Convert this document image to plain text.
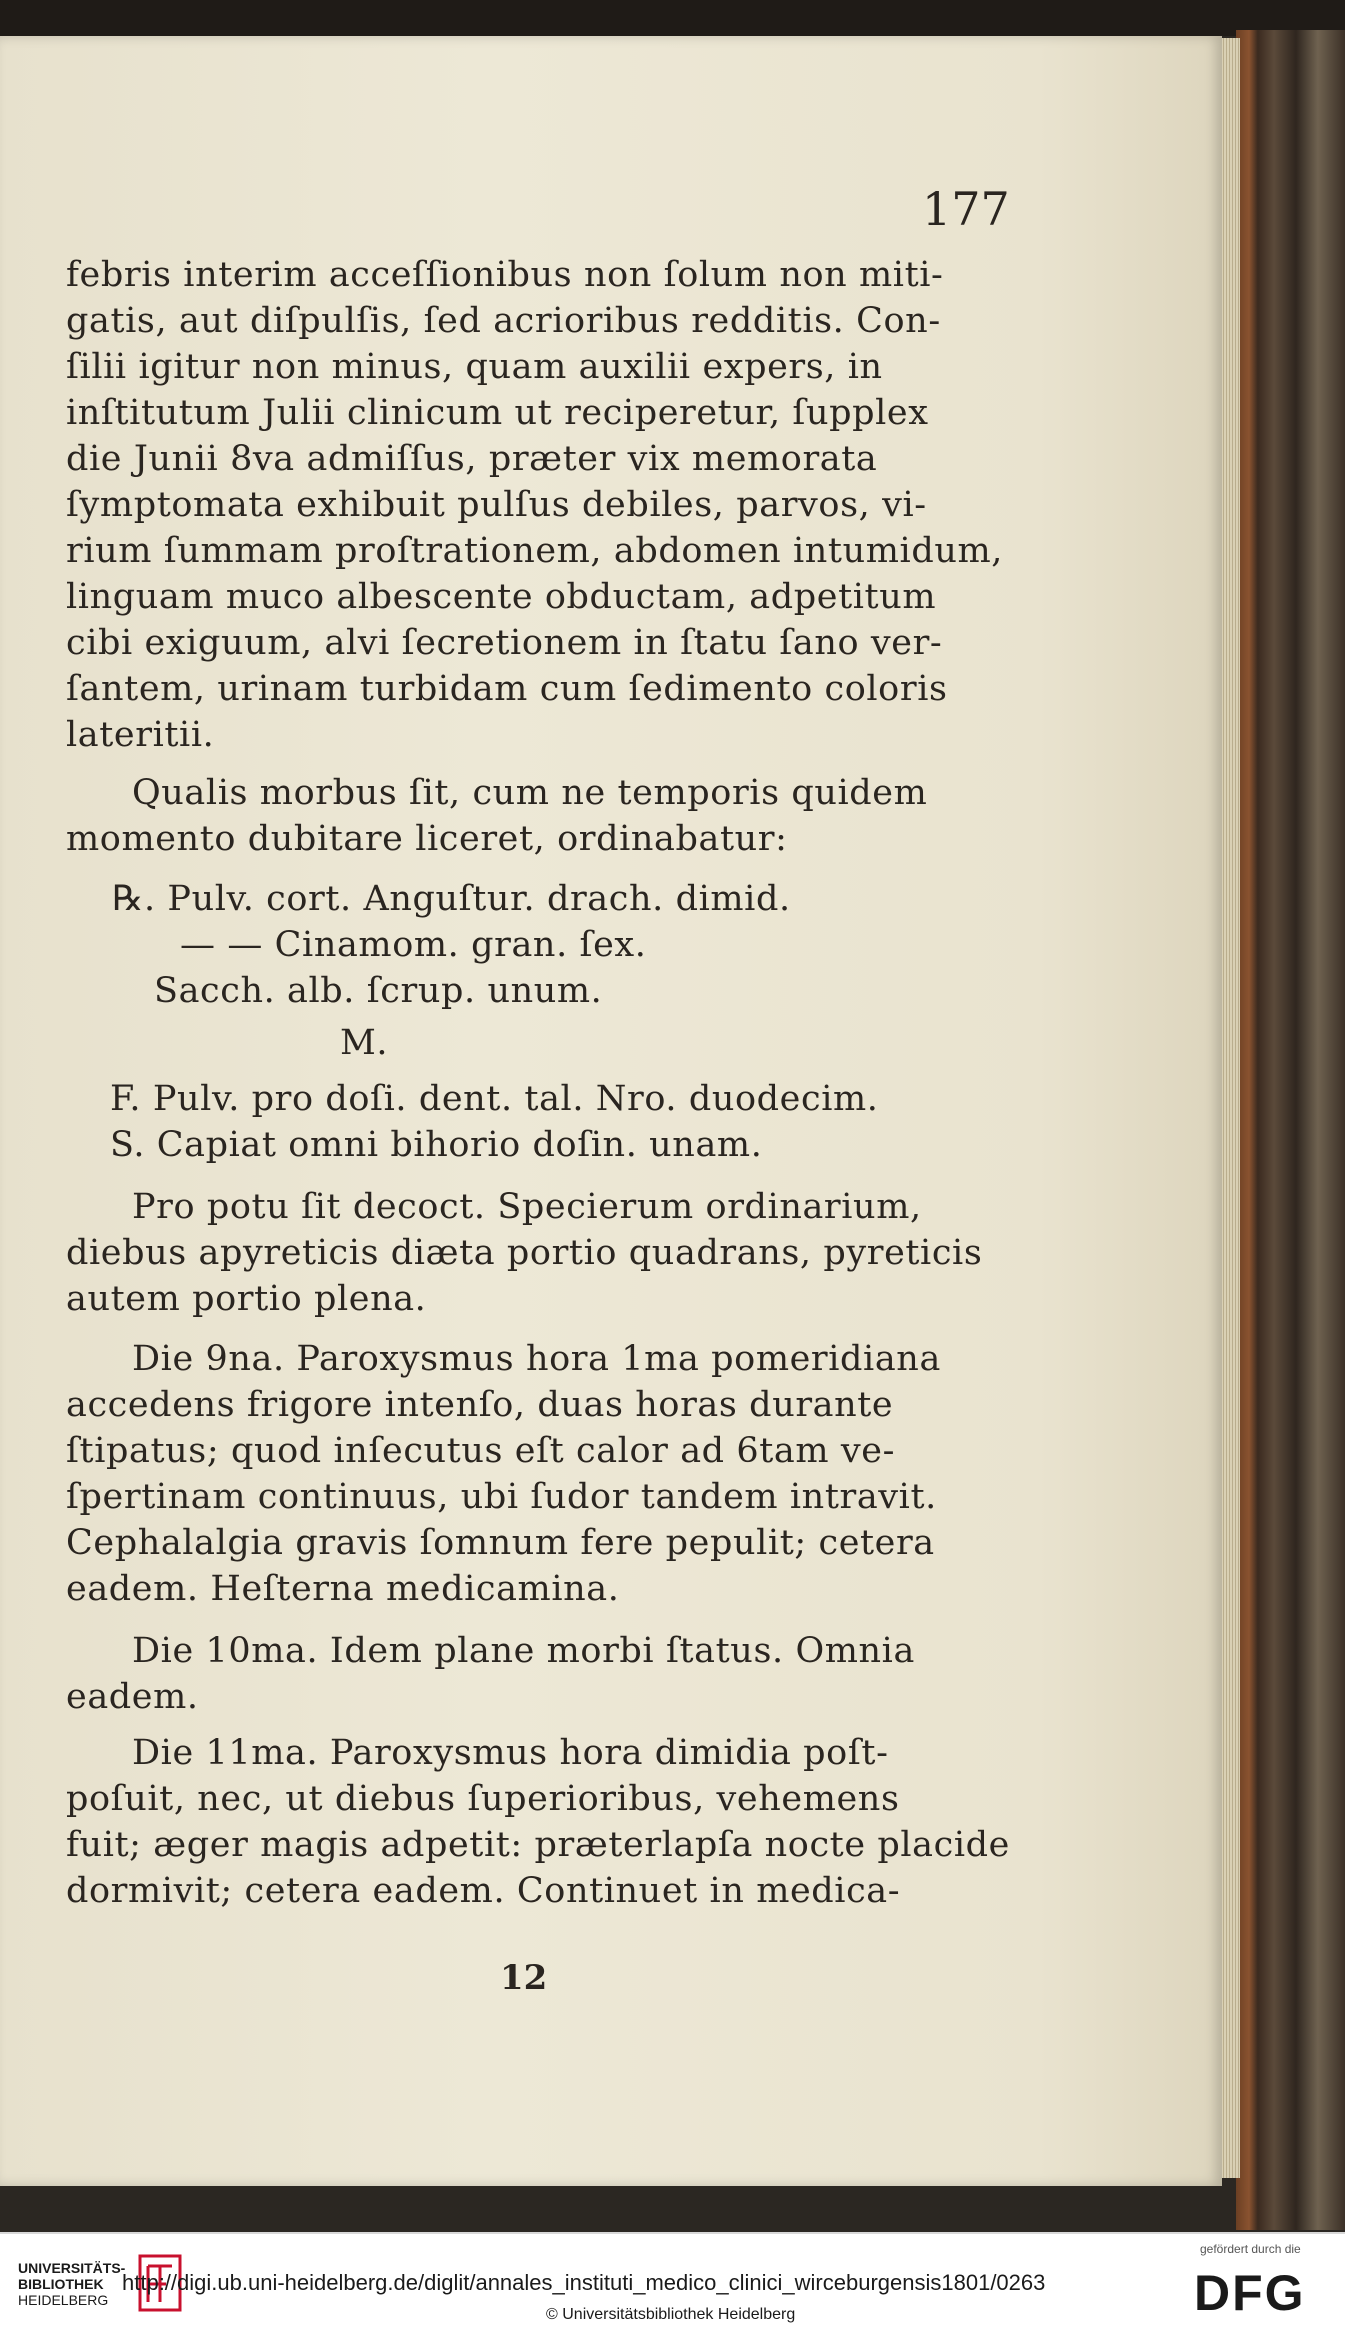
177
febris interim acceſſionibus non ſolum non miti-
gatis, aut diſpulſis, ſed acrioribus redditis. Con-
ſilii igitur non minus, quam auxilii expers, in
inſtitutum Julii clinicum ut reciperetur, ſupplex
die Junii 8va admiſſus, præter vix memorata
ſymptomata exhibuit pulſus debiles, parvos, vi-
rium ſummam proſtrationem, abdomen intumidum,
linguam muco albescente obductam, adpetitum
cibi exiguum, alvi ſecretionem in ſtatu ſano ver-
ſantem, urinam turbidam cum ſedimento coloris
lateritii.
Qualis morbus ſit, cum ne temporis quidem
momento dubitare liceret, ordinabatur:
℞. Pulv. cort. Anguſtur. drach. dimid.
— — Cinamom. gran. ſex.
Sacch. alb. ſcrup. unum.
M.
F. Pulv. pro doſi. dent. tal. Nro. duodecim.
S. Capiat omni bihorio doſin. unam.
Pro potu ſit decoct. Specierum ordinarium,
diebus apyreticis diæta portio quadrans, pyreticis
autem portio plena.
Die 9na. Paroxysmus hora 1ma pomeridiana
accedens frigore intenſo, duas horas durante
ſtipatus; quod inſecutus eſt calor ad 6tam ve-
ſpertinam continuus, ubi ſudor tandem intravit.
Cephalalgia gravis ſomnum fere pepulit; cetera
eadem. Heſterna medicamina.
Die 10ma. Idem plane morbi ſtatus. Omnia
eadem.
Die 11ma. Paroxysmus hora dimidia poſt-
poſuit, nec, ut diebus ſuperioribus, vehemens
fuit; æger magis adpetit: præterlapſa nocte placide
dormivit; cetera eadem. Continuet in medica-
12
UNIVERSITÄTS-
BIBLIOTHEK
HEIDELBERG
http://digi.ub.uni-heidelberg.de/diglit/annales_instituti_medico_clinici_wirceburgensis1801/0263
© Universitätsbibliothek Heidelberg
gefördert durch die
DFG
